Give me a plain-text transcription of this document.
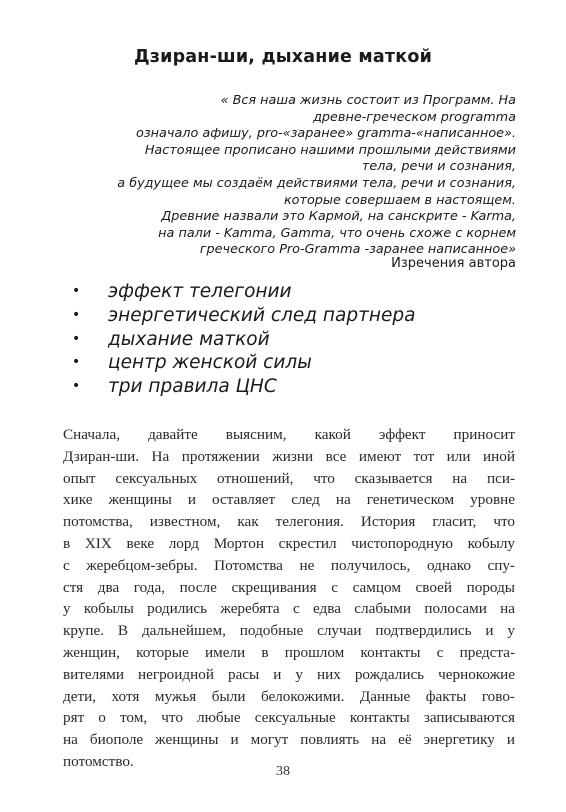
Дзиран-ши, дыхание маткой
« Вся наша жизнь состоит из Программ. На
древне-греческом programma
означало афишу, pro-«заранее» gramma-«написанное».
Настоящее прописано нашими прошлыми действиями
тела, речи и сознания,
а будущее мы создаём действиями тела, речи и сознания,
которые совершаем в настоящем.
Древние назвали это Кармой, на санскрите - Karma,
на пали - Kamma, Gamma, что очень схоже с корнем
греческого Pro-Gramma -заранее написанное»
Изречения автора
• эффект телегонии
• энергетический след партнера
• дыхание маткой
• центр женской силы
• три правила ЦНС
Сначала, давайте выясним, какой эффект приносит
Дзиран-ши. На протяжении жизни все имеют тот или иной
опыт сексуальных отношений, что сказывается на пси-
хике женщины и оставляет след на генетическом уровне
потомства, известном, как телегония. История гласит, что
в XIX веке лорд Мортон скрестил чистопородную кобылу
с жеребцом-зебры. Потомства не получилось, однако спу-
стя два года, после скрещивания с самцом своей породы
у кобылы родились жеребята с едва слабыми полосами на
крупе. В дальнейшем, подобные случаи подтвердились и у
женщин, которые имели в прошлом контакты с предста-
вителями негроидной расы и у них рождались чернокожие
дети, хотя мужья были белокожими. Данные факты гово-
рят о том, что любые сексуальные контакты записываются
на биополе женщины и могут повлиять на её энергетику и
потомство.
38
